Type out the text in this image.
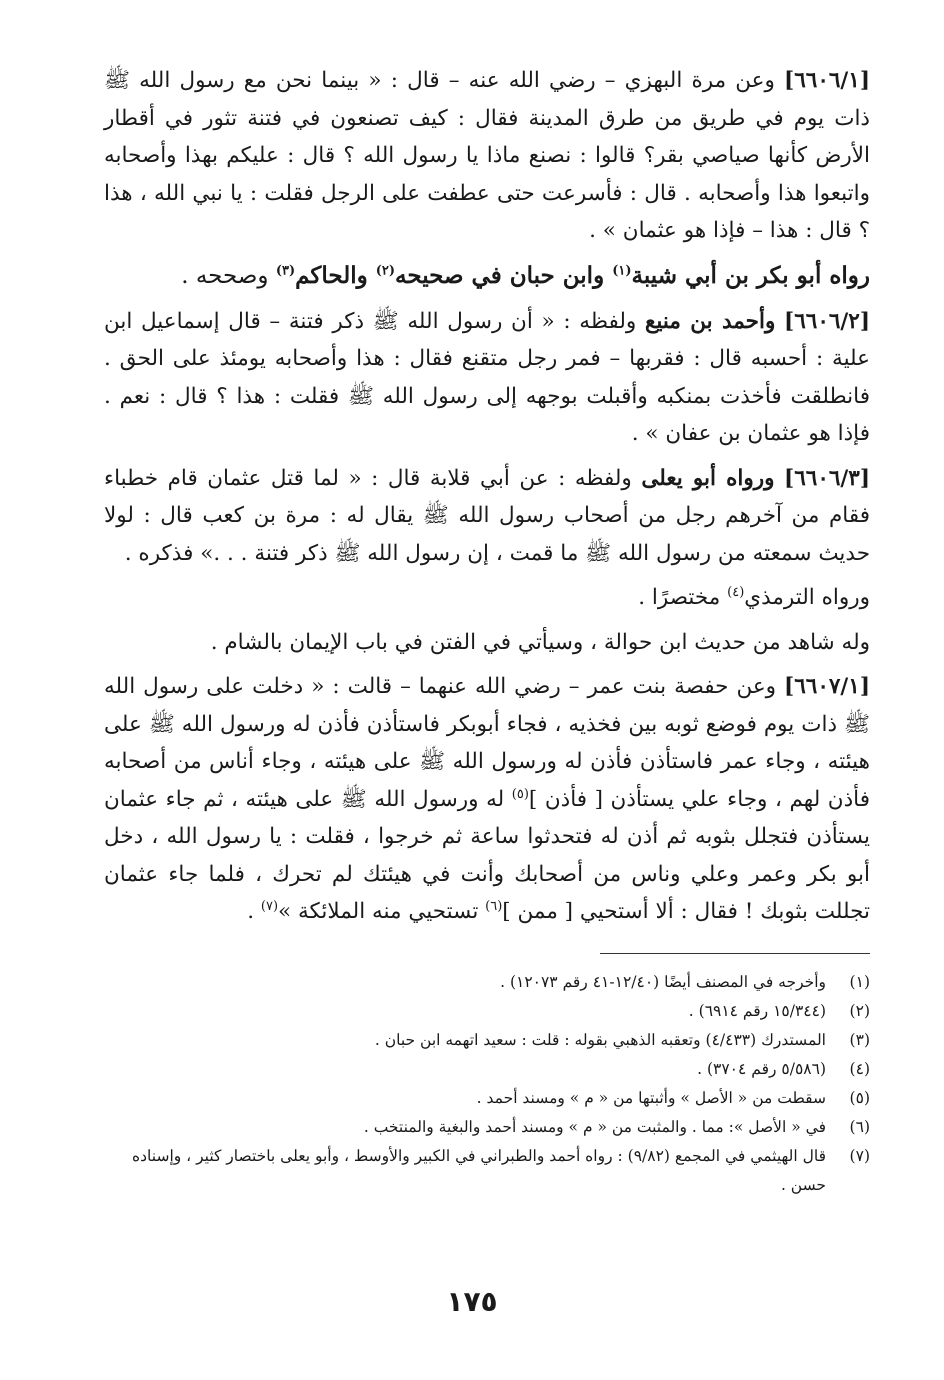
[٦٦٠٦/١] وعن مرة البهزي – رضي الله عنه – قال : « بينما نحن مع رسول الله ﷺ ذات يوم في طريق من طرق المدينة فقال : كيف تصنعون في فتنة تثور في أقطار الأرض كأنها صياصي بقر؟ قالوا : نصنع ماذا يا رسول الله ؟ قال : عليكم بهذا وأصحابه واتبعوا هذا وأصحابه . قال : فأسرعت حتى عطفت على الرجل فقلت : يا نبي الله ، هذا ؟ قال : هذا – فإذا هو عثمان » .

رواه أبو بكر بن أبي شيبة$^{(١)}$ وابن حبان في صحيحه$^{(٢)}$ والحاكم$^{(٣)}$ وصححه .

[٦٦٠٦/٢] وأحمد بن منيع ولفظه : « أن رسول الله ﷺ ذكر فتنة – قال إسماعيل ابن علية : أحسبه قال : فقربها – فمر رجل متقنع فقال : هذا وأصحابه يومئذ على الحق . فانطلقت فأخذت بمنكبه وأقبلت بوجهه إلى رسول الله ﷺ فقلت : هذا ؟ قال : نعم . فإذا هو عثمان بن عفان » .

[٦٦٠٦/٣] ورواه أبو يعلى ولفظه : عن أبي قلابة قال : « لما قتل عثمان قام خطباء فقام من آخرهم رجل من أصحاب رسول الله ﷺ يقال له : مرة بن كعب قال : لولا حديث سمعته من رسول الله ﷺ ما قمت ، إن رسول الله ﷺ ذكر فتنة . . .» فذكره .

ورواه الترمذي$^{(٤)}$ مختصرًا .

وله شاهد من حديث ابن حوالة ، وسيأتي في الفتن في باب الإيمان بالشام .

[٦٦٠٧/١] وعن حفصة بنت عمر – رضي الله عنهما – قالت : « دخلت على رسول الله ﷺ ذات يوم فوضع ثوبه بين فخذيه ، فجاء أبوبكر فاستأذن فأذن له ورسول الله ﷺ على هيئته ، وجاء عمر فاستأذن فأذن له ورسول الله ﷺ على هيئته ، وجاء أناس من أصحابه فأذن لهم ، وجاء علي يستأذن [ فأذن ]$^{(٥)}$ له ورسول الله ﷺ على هيئته ، ثم جاء عثمان يستأذن فتجلل بثوبه ثم أذن له فتحدثوا ساعة ثم خرجوا ، فقلت : يا رسول الله ، دخل أبو بكر وعمر وعلي وناس من أصحابك وأنت في هيئتك لم تحرك ، فلما جاء عثمان تجللت بثوبك ! فقال : ألا أستحيي [ ممن ]$^{(٦)}$ تستحيي منه الملائكة »$^{(٧)}$ .

(١)
وأخرجه في المصنف أيضًا (١٢/٤٠-٤١ رقم ١٢٠٧٣) .

(٢)
(١٥/٣٤٤ رقم ٦٩١٤) .

(٣)
المستدرك (٤/٤٣٣) وتعقبه الذهبي بقوله : قلت : سعيد اتهمه ابن حبان .

(٤)
(٥/٥٨٦ رقم ٣٧٠٤) .

(٥)
سقطت من « الأصل » وأثبتها من « م » ومسند أحمد .

(٦)
في « الأصل »: مما . والمثبت من « م » ومسند أحمد والبغية والمنتخب .

(٧)
قال الهيثمي في المجمع (٩/٨٢) : رواه أحمد والطبراني في الكبير والأوسط ، وأبو يعلى باختصار كثير ، وإسناده حسن .

١٧٥
